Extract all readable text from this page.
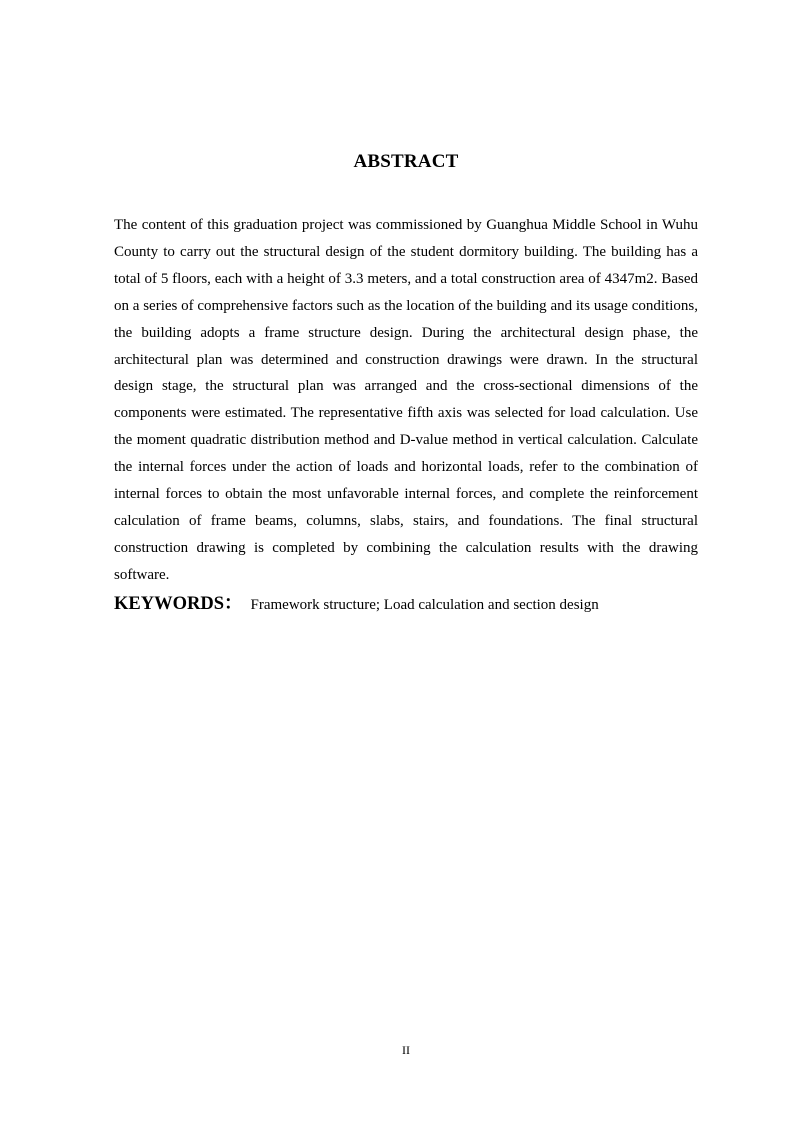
ABSTRACT
The content of this graduation project was commissioned by Guanghua Middle School in Wuhu County to carry out the structural design of the student dormitory building. The building has a total of 5 floors, each with a height of 3.3 meters, and a total construction area of 4347m2. Based on a series of comprehensive factors such as the location of the building and its usage conditions, the building adopts a frame structure design. During the architectural design phase, the architectural plan was determined and construction drawings were drawn. In the structural design stage, the structural plan was arranged and the cross-sectional dimensions of the components were estimated. The representative fifth axis was selected for load calculation. Use the moment quadratic distribution method and D-value method in vertical calculation. Calculate the internal forces under the action of loads and horizontal loads, refer to the combination of internal forces to obtain the most unfavorable internal forces, and complete the reinforcement calculation of frame beams, columns, slabs, stairs, and foundations. The final structural construction drawing is completed by combining the calculation results with the drawing software.
KEYWORDS： Framework structure; Load calculation and section design
II
